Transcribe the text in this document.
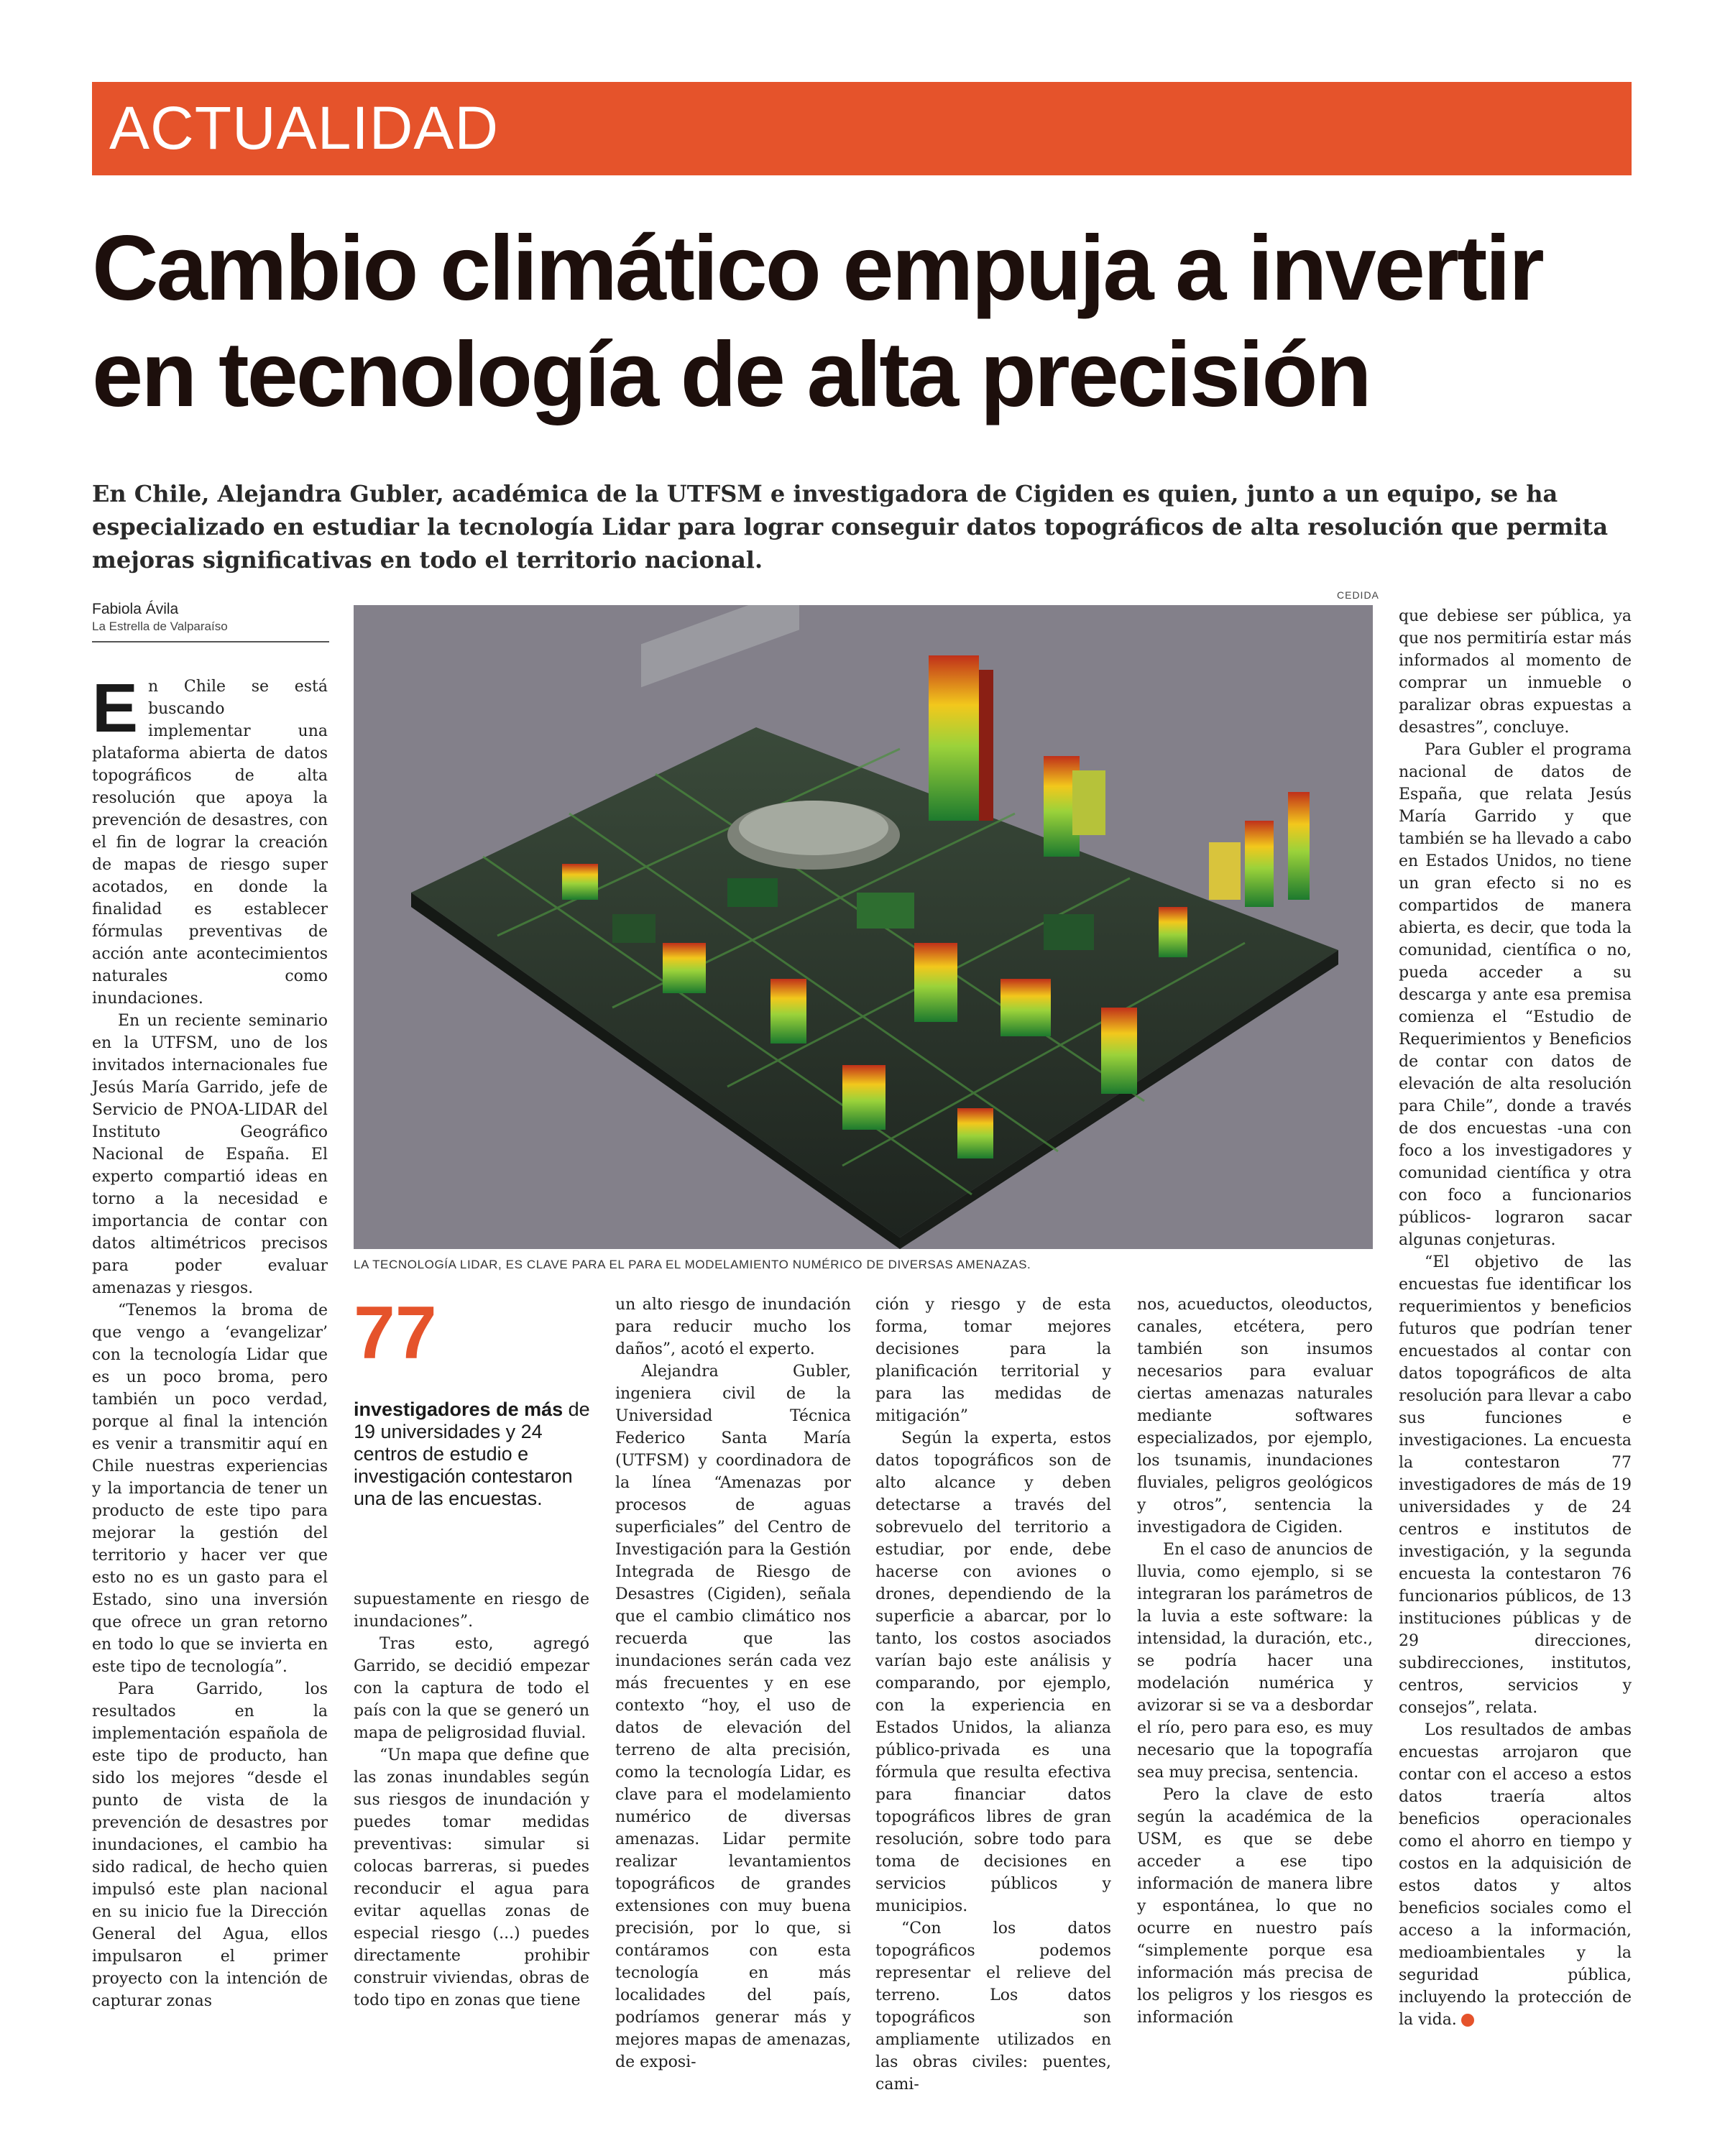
ACTUALIDAD
Cambio climático empuja a invertir
en tecnología de alta precisión

En Chile, Alejandra Gubler, académica de la UTFSM e investigadora de Cigiden es quien, junto a un equipo, se ha especializado en estudiar la tecnología Lidar para lograr conseguir datos topográficos de alta resolución que permita mejoras significativas en todo el territorio nacional.

Fabiola Ávila
La Estrella de Valparaíso
CEDIDA

LA TECNOLOGÍA LIDAR, ES CLAVE PARA EL PARA EL MODELAMIENTO NUMÉRICO DE DIVERSAS AMENAZAS.

En Chile se está buscando implementar una plataforma abierta de datos topográficos de alta resolución que apoya la prevención de desastres, con el fin de lograr la creación de mapas de riesgo super acotados, en donde la finalidad es establecer fórmulas preventivas de acción ante acontecimientos naturales como inundaciones.

En un reciente seminario en la UTFSM, uno de los invitados internacionales fue Jesús María Garrido, jefe de Servicio de PNOA-LIDAR del Instituto Geográfico Nacional de España. El experto compartió ideas en torno a la necesidad e importancia de contar con datos altimétricos precisos para poder evaluar amenazas y riesgos.

“Tenemos la broma de que vengo a ‘evangelizar’ con la tecnología Lidar que es un poco broma, pero también un poco verdad, porque al final la intención es venir a transmitir aquí en Chile nuestras experiencias y la importancia de tener un producto de este tipo para mejorar la gestión del territorio y hacer ver que esto no es un gasto para el Estado, sino una inversión que ofrece un gran retorno en todo lo que se invierta en este tipo de tecnología”.

Para Garrido, los resultados en la implementación española de este tipo de producto, han sido los mejores “desde el punto de vista de la prevención de desastres por inundaciones, el cambio ha sido radical, de hecho quien impulsó este plan nacional en su inicio fue la Dirección General del Agua, ellos impulsaron el primer proyecto con la intención de capturar zonas

77

investigadores de más de 19 universidades y 24 centros de estudio e investigación contestaron una de las encuestas.

supuestamente en riesgo de inundaciones”.

Tras esto, agregó Garrido, se decidió empezar con la captura de todo el país con la que se generó un mapa de peligrosidad fluvial.

“Un mapa que define que las zonas inundables según sus riesgos de inundación y puedes tomar medidas preventivas: simular si colocas barreras, si puedes reconducir el agua para evitar aquellas zonas de especial riesgo (...) puedes directamente prohibir construir viviendas, obras de todo tipo en zonas que tiene

un alto riesgo de inundación para reducir mucho los daños”, acotó el experto.

Alejandra Gubler, ingeniera civil de la Universidad Técnica Federico Santa María (UTFSM) y coordinadora de la línea “Amenazas por procesos de aguas superficiales” del Centro de Investigación para la Gestión Integrada de Riesgo de Desastres (Cigiden), señala que el cambio climático nos recuerda que las inundaciones serán cada vez más frecuentes y en ese contexto “hoy, el uso de datos de elevación del terreno de alta precisión, como la tecnología Lidar, es clave para el modelamiento numérico de diversas amenazas. Lidar permite realizar levantamientos topográficos de grandes extensiones con muy buena precisión, por lo que, si contáramos con esta tecnología en más localidades del país, podríamos generar más y mejores mapas de amenazas, de exposi-

ción y riesgo y de esta forma, tomar mejores decisiones para la planificación territorial y para las medidas de mitigación”

Según la experta, estos datos topográficos son de alto alcance y deben detectarse a través del sobrevuelo del territorio a estudiar, por ende, debe hacerse con aviones o drones, dependiendo de la superficie a abarcar, por lo tanto, los costos asociados varían bajo este análisis y comparando, por ejemplo, con la experiencia en Estados Unidos, la alianza público-privada es una fórmula que resulta efectiva para financiar datos topográficos libres de gran resolución, sobre todo para toma de decisiones en servicios públicos y municipios.

“Con los datos topográficos podemos representar el relieve del terreno. Los datos topográficos son ampliamente utilizados en las obras civiles: puentes, cami-

nos, acueductos, oleoductos, canales, etcétera, pero también son insumos necesarios para evaluar ciertas amenazas naturales mediante softwares especializados, por ejemplo, los tsunamis, inundaciones fluviales, peligros geológicos y otros”, sentencia la investigadora de Cigiden.

En el caso de anuncios de lluvia, como ejemplo, si se integraran los parámetros de la luvia a este software: la intensidad, la duración, etc., se podría hacer una modelación numérica y avizorar si se va a desbordar el río, pero para eso, es muy necesario que la topografía sea muy precisa, sentencia.

Pero la clave de esto según la académica de la USM, es que se debe acceder a ese tipo información de manera libre y espontánea, lo que no ocurre en nuestro país “simplemente porque esa información más precisa de los peligros y los riesgos es información

que debiese ser pública, ya que nos permitiría estar más informados al momento de comprar un inmueble o paralizar obras expuestas a desastres”, concluye.

Para Gubler el programa nacional de datos de España, que relata Jesús María Garrido y que también se ha llevado a cabo en Estados Unidos, no tiene un gran efecto si no es compartidos de manera abierta, es decir, que toda la comunidad, científica o no, pueda acceder a su descarga y ante esa premisa comienza el “Estudio de Requerimientos y Beneficios de contar con datos de elevación de alta resolución para Chile”, donde a través de dos encuestas -una con foco a los investigadores y comunidad científica y otra con foco a funcionarios públicos- lograron sacar algunas conjeturas.

“El objetivo de las encuestas fue identificar los requerimientos y beneficios futuros que podrían tener encuestados al contar con datos topográficos de alta resolución para llevar a cabo sus funciones e investigaciones. La encuesta la contestaron 77 investigadores de más de 19 universidades y de 24 centros e institutos de investigación, y la segunda encuesta la contestaron 76 funcionarios públicos, de 13 instituciones públicas y de 29 direcciones, subdirecciones, institutos, centros, servicios y consejos”, relata.

Los resultados de ambas encuestas arrojaron que contar con el acceso a estos datos traería altos beneficios operacionales como el ahorro en tiempo y costos en la adquisición de estos datos y altos beneficios sociales como el acceso a la información, medioambientales y la seguridad pública, incluyendo la protección de la vida.	✪
